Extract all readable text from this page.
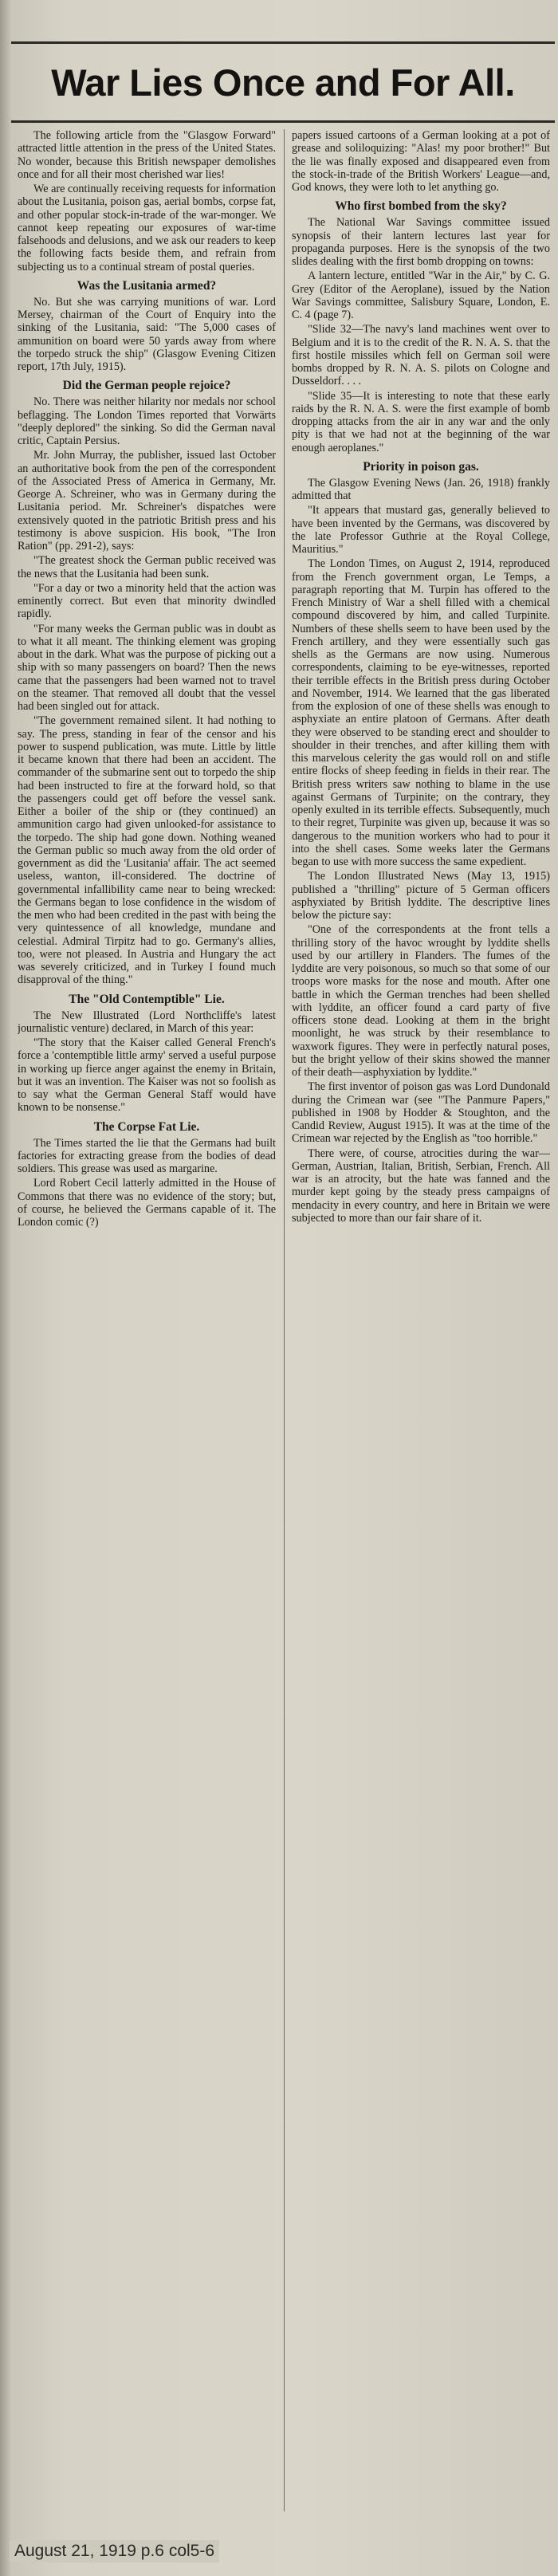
War Lies Once and For All.

The following article from the "Glasgow Forward" attracted little attention in the press of the United States. No wonder, because this British newspaper demolishes once and for all their most cherished war lies!

We are continually receiving requests for information about the Lusitania, poison gas, aerial bombs, corpse fat, and other popular stock-in-trade of the war-monger. We cannot keep repeating our exposures of war-time falsehoods and delusions, and we ask our readers to keep the following facts beside them, and refrain from subjecting us to a continual stream of postal queries.

Was the Lusitania armed?

No. But she was carrying munitions of war. Lord Mersey, chairman of the Court of Enquiry into the sinking of the Lusitania, said: "The 5,000 cases of ammunition on board were 50 yards away from where the torpedo struck the ship" (Glasgow Evening Citizen report, 17th July, 1915).

Did the German people rejoice?

No. There was neither hilarity nor medals nor school beflagging. The London Times reported that Vorwärts "deeply deplored" the sinking. So did the German naval critic, Captain Persius.

Mr. John Murray, the publisher, issued last October an authoritative book from the pen of the correspondent of the Associated Press of America in Germany, Mr. George A. Schreiner, who was in Germany during the Lusitania period. Mr. Schreiner's dispatches were extensively quoted in the patriotic British press and his testimony is above suspicion. His book, "The Iron Ration" (pp. 291-2), says:

"The greatest shock the German public received was the news that the Lusitania had been sunk.

"For a day or two a minority held that the action was eminently correct. But even that minority dwindled rapidly.

"For many weeks the German public was in doubt as to what it all meant. The thinking element was groping about in the dark. What was the purpose of picking out a ship with so many passengers on board? Then the news came that the passengers had been warned not to travel on the steamer. That removed all doubt that the vessel had been singled out for attack.

"The government remained silent. It had nothing to say. The press, standing in fear of the censor and his power to suspend publication, was mute. Little by little it became known that there had been an accident. The commander of the submarine sent out to torpedo the ship had been instructed to fire at the forward hold, so that the passengers could get off before the vessel sank. Either a boiler of the ship or (they continued) an ammunition cargo had given unlooked-for assistance to the torpedo. The ship had gone down. Nothing weaned the German public so much away from the old order of government as did the 'Lusitania' affair. The act seemed useless, wanton, ill-considered. The doctrine of governmental infallibility came near to being wrecked: the Germans began to lose confidence in the wisdom of the men who had been credited in the past with being the very quintessence of all knowledge, mundane and celestial. Admiral Tirpitz had to go. Germany's allies, too, were not pleased. In Austria and Hungary the act was severely criticized, and in Turkey I found much disapproval of the thing."

The "Old Contemptible" Lie.

The New Illustrated (Lord Northcliffe's latest journalistic venture) declared, in March of this year:

"The story that the Kaiser called General French's force a 'contemptible little army' served a useful purpose in working up fierce anger against the enemy in Britain, but it was an invention. The Kaiser was not so foolish as to say what the German General Staff would have known to be nonsense."

The Corpse Fat Lie.

The Times started the lie that the Germans had built factories for extracting grease from the bodies of dead soldiers. This grease was used as margarine.

Lord Robert Cecil latterly admitted in the House of Commons that there was no evidence of the story; but, of course, he believed the Germans capable of it. The London comic (?)

papers issued cartoons of a German looking at a pot of grease and soliloquizing: "Alas! my poor brother!" But the lie was finally exposed and disappeared even from the stock-in-trade of the British Workers' League—and, God knows, they were loth to let anything go.

Who first bombed from the sky?

The National War Savings committee issued synopsis of their lantern lectures last year for propaganda purposes. Here is the synopsis of the two slides dealing with the first bomb dropping on towns:

A lantern lecture, entitled "War in the Air," by C. G. Grey (Editor of the Aeroplane), issued by the Nation War Savings committee, Salisbury Square, London, E. C. 4 (page 7).

"Slide 32—The navy's land machines went over to Belgium and it is to the credit of the R. N. A. S. that the first hostile missiles which fell on German soil were bombs dropped by R. N. A. S. pilots on Cologne and Dusseldorf. . . .

"Slide 35—It is interesting to note that these early raids by the R. N. A. S. were the first example of bomb dropping attacks from the air in any war and the only pity is that we had not at the beginning of the war enough aeroplanes."

Priority in poison gas.

The Glasgow Evening News (Jan. 26, 1918) frankly admitted that

"It appears that mustard gas, generally believed to have been invented by the Germans, was discovered by the late Professor Guthrie at the Royal College, Mauritius."

The London Times, on August 2, 1914, reproduced from the French government organ, Le Temps, a paragraph reporting that M. Turpin has offered to the French Ministry of War a shell filled with a chemical compound discovered by him, and called Turpinite. Numbers of these shells seem to have been used by the French artillery, and they were essentially such gas shells as the Germans are now using. Numerous correspondents, claiming to be eye-witnesses, reported their terrible effects in the British press during October and November, 1914. We learned that the gas liberated from the explosion of one of these shells was enough to asphyxiate an entire platoon of Germans. After death they were observed to be standing erect and shoulder to shoulder in their trenches, and after killing them with this marvelous celerity the gas would roll on and stifle entire flocks of sheep feeding in fields in their rear. The British press writers saw nothing to blame in the use against Germans of Turpinite; on the contrary, they openly exulted in its terrible effects. Subsequently, much to their regret, Turpinite was given up, because it was so dangerous to the munition workers who had to pour it into the shell cases. Some weeks later the Germans began to use with more success the same expedient.

The London Illustrated News (May 13, 1915) published a "thrilling" picture of 5 German officers asphyxiated by British lyddite. The descriptive lines below the picture say:

"One of the correspondents at the front tells a thrilling story of the havoc wrought by lyddite shells used by our artillery in Flanders. The fumes of the lyddite are very poisonous, so much so that some of our troops wore masks for the nose and mouth. After one battle in which the German trenches had been shelled with lyddite, an officer found a card party of five officers stone dead. Looking at them in the bright moonlight, he was struck by their resemblance to waxwork figures. They were in perfectly natural poses, but the bright yellow of their skins showed the manner of their death—asphyxiation by lyddite."

The first inventor of poison gas was Lord Dundonald during the Crimean war (see "The Panmure Papers," published in 1908 by Hodder & Stoughton, and the Candid Review, August 1915). It was at the time of the Crimean war rejected by the English as "too horrible."

There were, of course, atrocities during the war—German, Austrian, Italian, British, Serbian, French. All war is an atrocity, but the hate was fanned and the murder kept going by the steady press campaigns of mendacity in every country, and here in Britain we were subjected to more than our fair share of it.

August 21, 1919 p.6 col5-6
